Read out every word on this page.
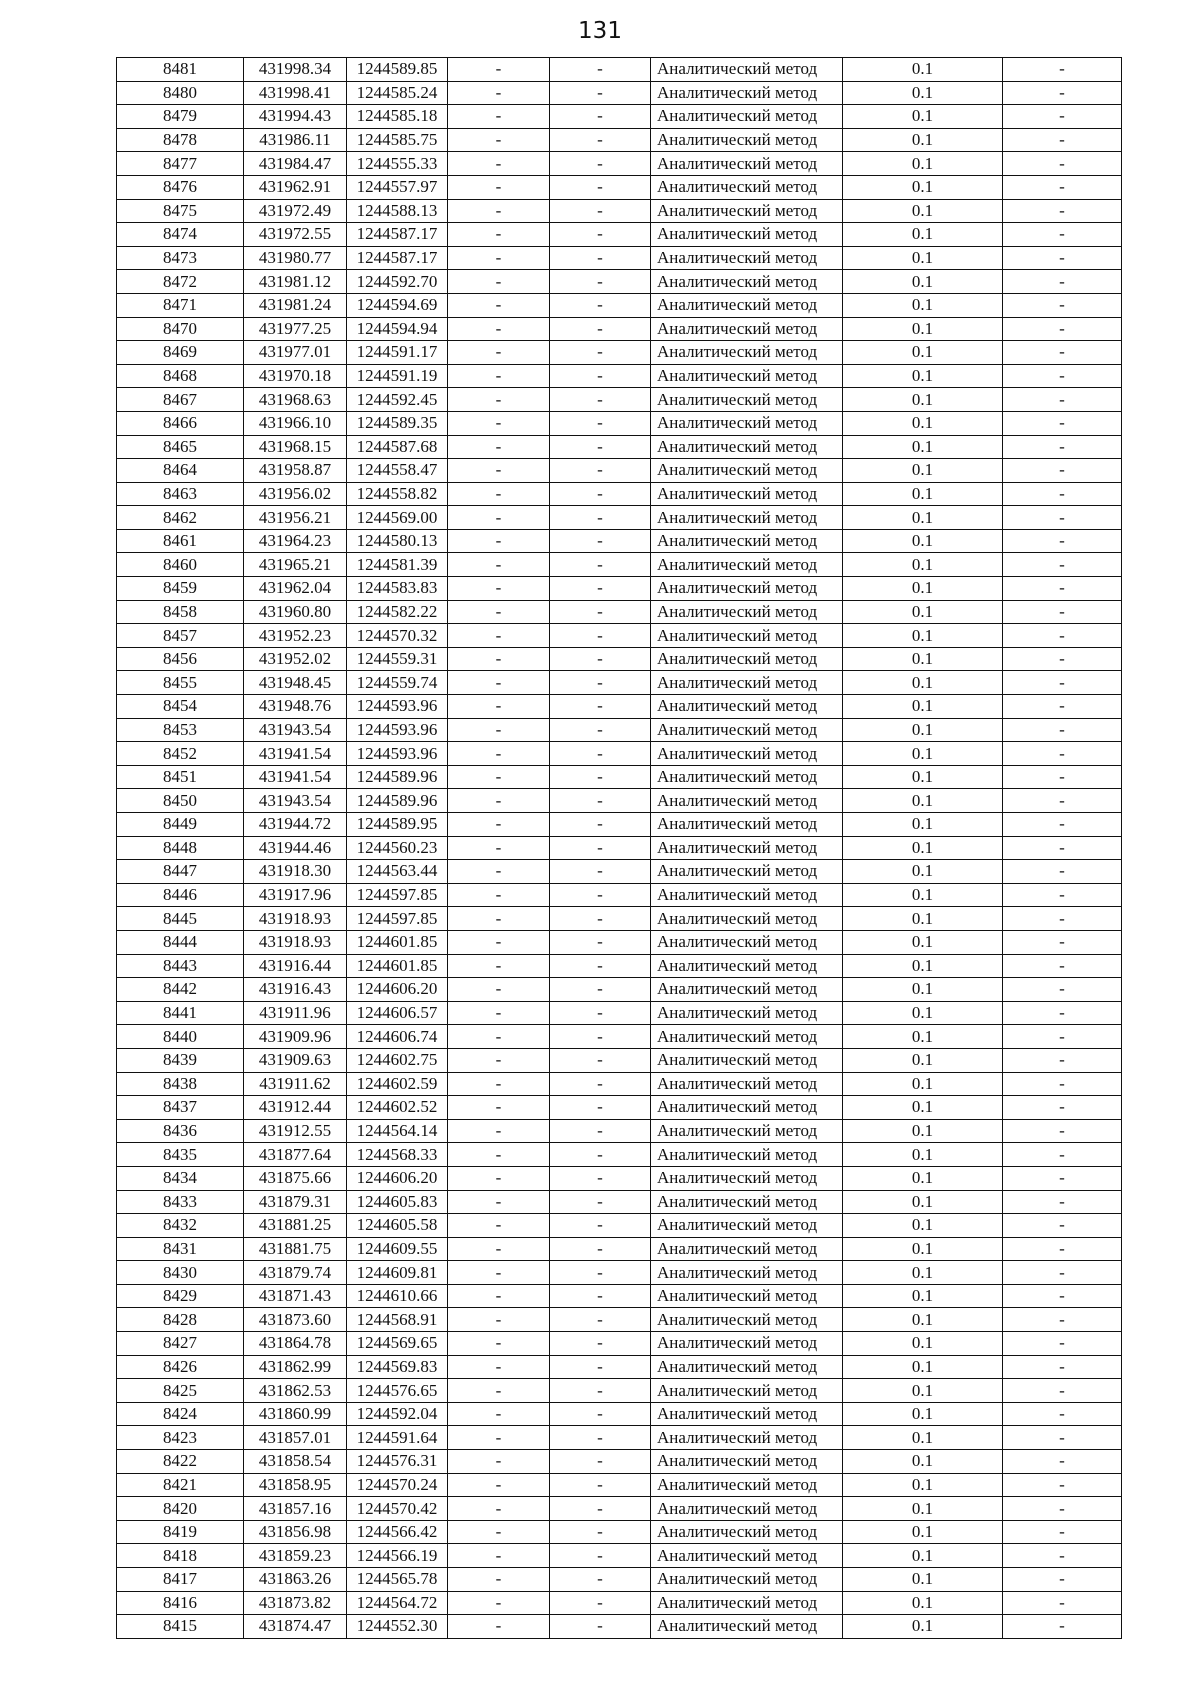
131
8481	431998.34	1244589.85	-	-	Аналитический метод	0.1	-
8480	431998.41	1244585.24	-	-	Аналитический метод	0.1	-
8479	431994.43	1244585.18	-	-	Аналитический метод	0.1	-
8478	431986.11	1244585.75	-	-	Аналитический метод	0.1	-
8477	431984.47	1244555.33	-	-	Аналитический метод	0.1	-
8476	431962.91	1244557.97	-	-	Аналитический метод	0.1	-
8475	431972.49	1244588.13	-	-	Аналитический метод	0.1	-
8474	431972.55	1244587.17	-	-	Аналитический метод	0.1	-
8473	431980.77	1244587.17	-	-	Аналитический метод	0.1	-
8472	431981.12	1244592.70	-	-	Аналитический метод	0.1	-
8471	431981.24	1244594.69	-	-	Аналитический метод	0.1	-
8470	431977.25	1244594.94	-	-	Аналитический метод	0.1	-
8469	431977.01	1244591.17	-	-	Аналитический метод	0.1	-
8468	431970.18	1244591.19	-	-	Аналитический метод	0.1	-
8467	431968.63	1244592.45	-	-	Аналитический метод	0.1	-
8466	431966.10	1244589.35	-	-	Аналитический метод	0.1	-
8465	431968.15	1244587.68	-	-	Аналитический метод	0.1	-
8464	431958.87	1244558.47	-	-	Аналитический метод	0.1	-
8463	431956.02	1244558.82	-	-	Аналитический метод	0.1	-
8462	431956.21	1244569.00	-	-	Аналитический метод	0.1	-
8461	431964.23	1244580.13	-	-	Аналитический метод	0.1	-
8460	431965.21	1244581.39	-	-	Аналитический метод	0.1	-
8459	431962.04	1244583.83	-	-	Аналитический метод	0.1	-
8458	431960.80	1244582.22	-	-	Аналитический метод	0.1	-
8457	431952.23	1244570.32	-	-	Аналитический метод	0.1	-
8456	431952.02	1244559.31	-	-	Аналитический метод	0.1	-
8455	431948.45	1244559.74	-	-	Аналитический метод	0.1	-
8454	431948.76	1244593.96	-	-	Аналитический метод	0.1	-
8453	431943.54	1244593.96	-	-	Аналитический метод	0.1	-
8452	431941.54	1244593.96	-	-	Аналитический метод	0.1	-
8451	431941.54	1244589.96	-	-	Аналитический метод	0.1	-
8450	431943.54	1244589.96	-	-	Аналитический метод	0.1	-
8449	431944.72	1244589.95	-	-	Аналитический метод	0.1	-
8448	431944.46	1244560.23	-	-	Аналитический метод	0.1	-
8447	431918.30	1244563.44	-	-	Аналитический метод	0.1	-
8446	431917.96	1244597.85	-	-	Аналитический метод	0.1	-
8445	431918.93	1244597.85	-	-	Аналитический метод	0.1	-
8444	431918.93	1244601.85	-	-	Аналитический метод	0.1	-
8443	431916.44	1244601.85	-	-	Аналитический метод	0.1	-
8442	431916.43	1244606.20	-	-	Аналитический метод	0.1	-
8441	431911.96	1244606.57	-	-	Аналитический метод	0.1	-
8440	431909.96	1244606.74	-	-	Аналитический метод	0.1	-
8439	431909.63	1244602.75	-	-	Аналитический метод	0.1	-
8438	431911.62	1244602.59	-	-	Аналитический метод	0.1	-
8437	431912.44	1244602.52	-	-	Аналитический метод	0.1	-
8436	431912.55	1244564.14	-	-	Аналитический метод	0.1	-
8435	431877.64	1244568.33	-	-	Аналитический метод	0.1	-
8434	431875.66	1244606.20	-	-	Аналитический метод	0.1	-
8433	431879.31	1244605.83	-	-	Аналитический метод	0.1	-
8432	431881.25	1244605.58	-	-	Аналитический метод	0.1	-
8431	431881.75	1244609.55	-	-	Аналитический метод	0.1	-
8430	431879.74	1244609.81	-	-	Аналитический метод	0.1	-
8429	431871.43	1244610.66	-	-	Аналитический метод	0.1	-
8428	431873.60	1244568.91	-	-	Аналитический метод	0.1	-
8427	431864.78	1244569.65	-	-	Аналитический метод	0.1	-
8426	431862.99	1244569.83	-	-	Аналитический метод	0.1	-
8425	431862.53	1244576.65	-	-	Аналитический метод	0.1	-
8424	431860.99	1244592.04	-	-	Аналитический метод	0.1	-
8423	431857.01	1244591.64	-	-	Аналитический метод	0.1	-
8422	431858.54	1244576.31	-	-	Аналитический метод	0.1	-
8421	431858.95	1244570.24	-	-	Аналитический метод	0.1	-
8420	431857.16	1244570.42	-	-	Аналитический метод	0.1	-
8419	431856.98	1244566.42	-	-	Аналитический метод	0.1	-
8418	431859.23	1244566.19	-	-	Аналитический метод	0.1	-
8417	431863.26	1244565.78	-	-	Аналитический метод	0.1	-
8416	431873.82	1244564.72	-	-	Аналитический метод	0.1	-
8415	431874.47	1244552.30	-	-	Аналитический метод	0.1	-
